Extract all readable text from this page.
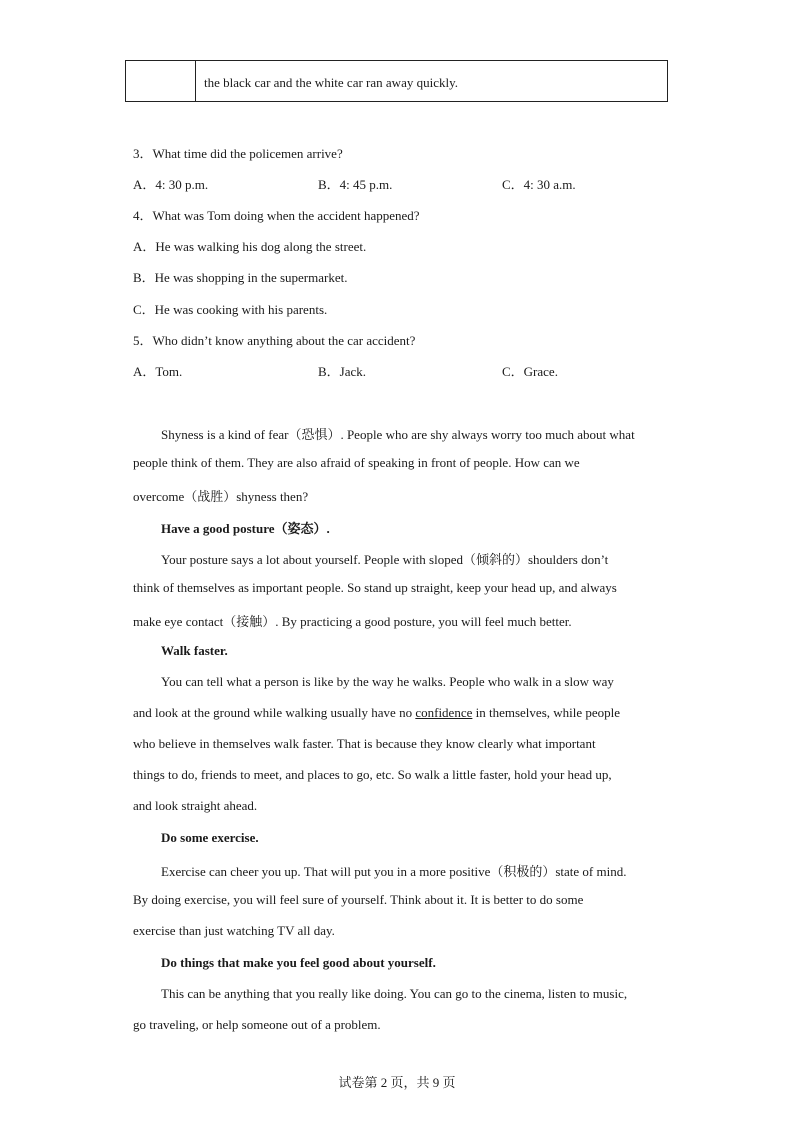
the black car and the white car ran away quickly.
3．What time did the policemen arrive?
A．4: 30 p.m.	B．4: 45 p.m.	C．4: 30 a.m.
4．What was Tom doing when the accident happened?
A．He was walking his dog along the street.
B．He was shopping in the supermarket.
C．He was cooking with his parents.
5．Who didn’t know anything about the car accident?
A．Tom.	B．Jack.	C．Grace.
Shyness is a kind of fear（恐惧）. People who are shy always worry too much about what
people think of them. They are also afraid of speaking in front of people. How can we
overcome（战胜）shyness then?
Have a good posture（姿态）.
Your posture says a lot about yourself. People with sloped（倾斜的）shoulders don’t
think of themselves as important people. So stand up straight, keep your head up, and always
make eye contact（接触）. By practicing a good posture, you will feel much better.
Walk faster.
You can tell what a person is like by the way he walks. People who walk in a slow way
and look at the ground while walking usually have no confidence in themselves, while people
who believe in themselves walk faster. That is because they know clearly what important
things to do, friends to meet, and places to go, etc. So walk a little faster, hold your head up,
and look straight ahead.
Do some exercise.
Exercise can cheer you up. That will put you in a more positive（积极的）state of mind.
By doing exercise, you will feel sure of yourself. Think about it. It is better to do some
exercise than just watching TV all day.
Do things that make you feel good about yourself.
This can be anything that you really like doing. You can go to the cinema, listen to music,
go traveling, or help someone out of a problem.
试卷第 2 页，共 9 页
